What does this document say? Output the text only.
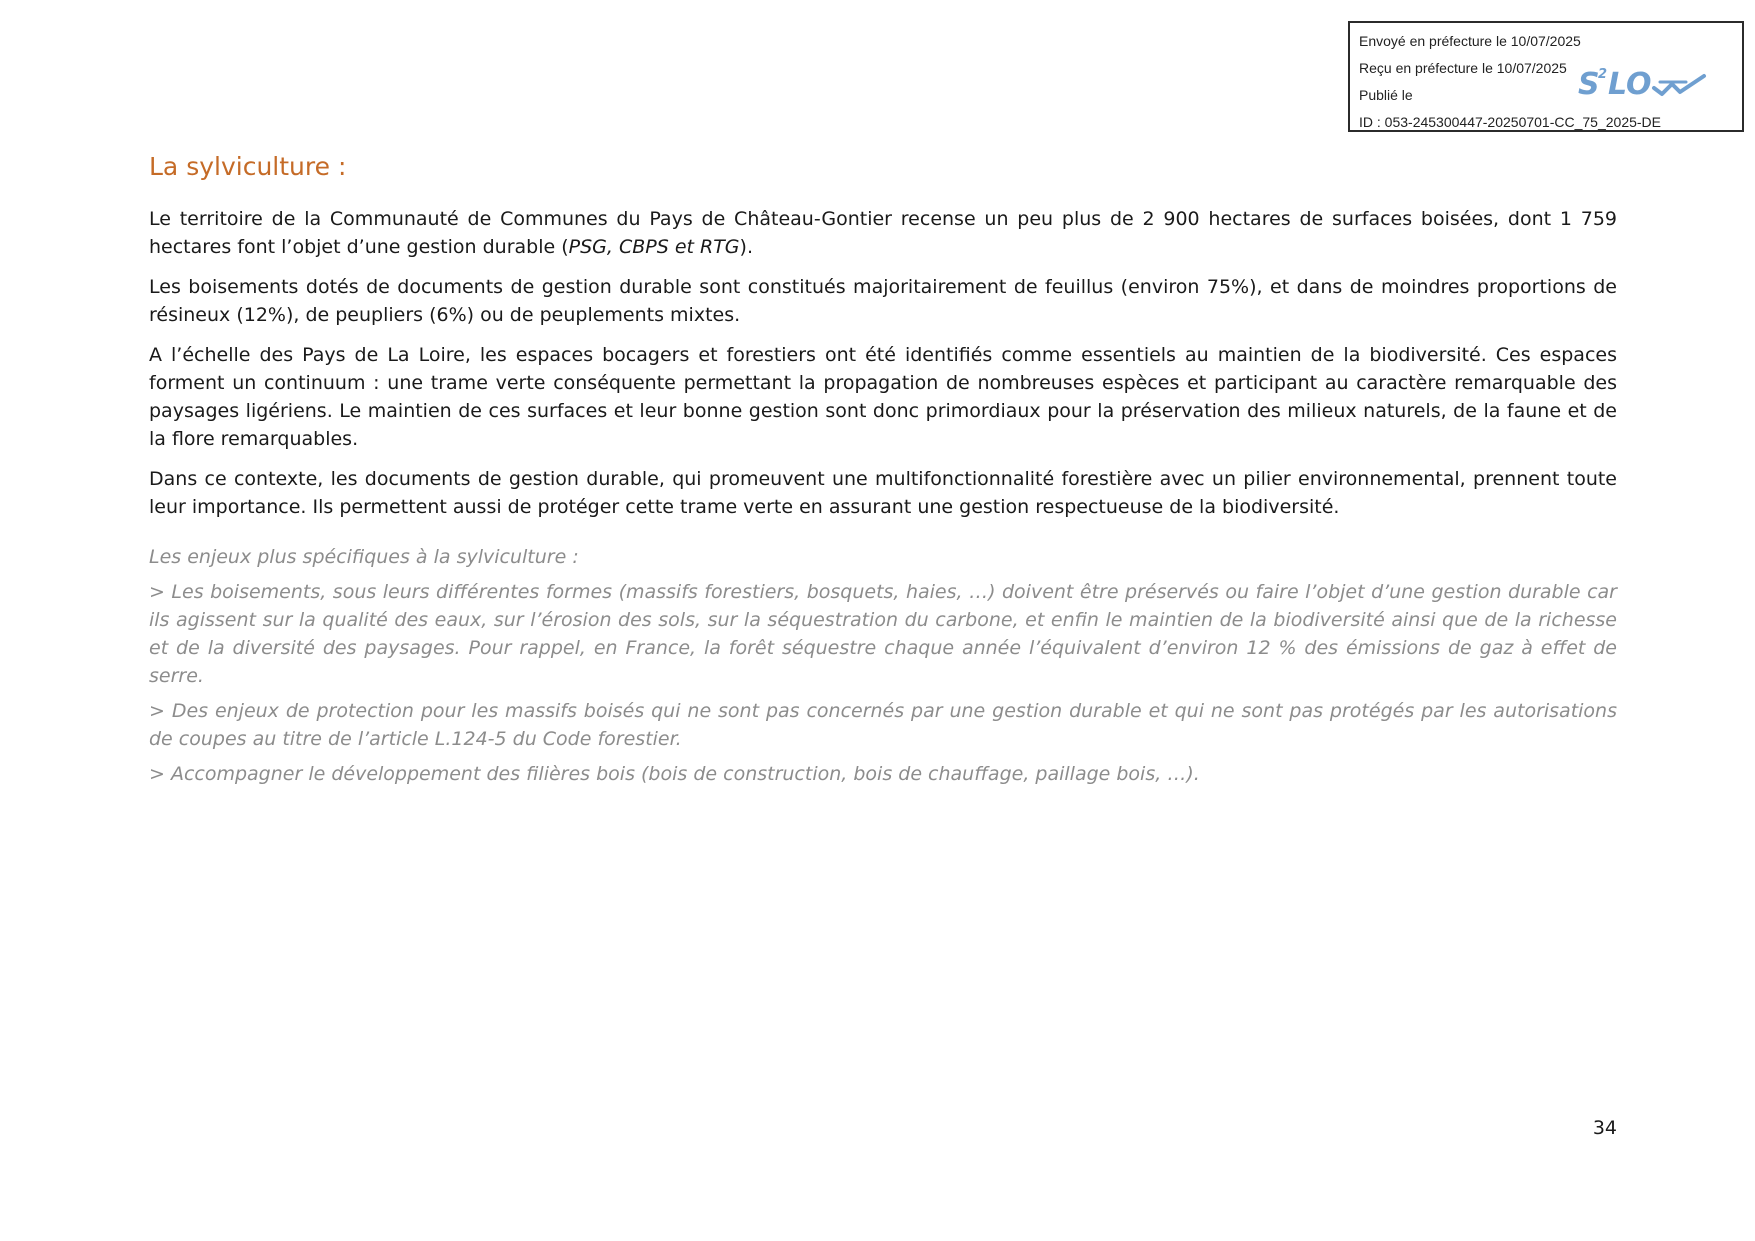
Envoyé en préfecture le 10/07/2025

Reçu en préfecture le 10/07/2025

Publié le

ID : 053-245300447-20250701-CC_75_2025-DE

S
2 LO
La sylviculture :

Le territoire de la Communauté de Communes du Pays de Château-Gontier recense un peu plus de 2 900 hectares de surfaces boisées, dont 1 759 hectares font l’objet d’une gestion durable (PSG, CBPS et RTG).

Les boisements dotés de documents de gestion durable sont constitués majoritairement de feuillus (environ 75%), et dans de moindres proportions de résineux (12%), de peupliers (6%) ou de peuplements mixtes.

A l’échelle des Pays de La Loire, les espaces bocagers et forestiers ont été identifiés comme essentiels au maintien de la biodiversité. Ces espaces forment un continuum : une trame verte conséquente permettant la propagation de nombreuses espèces et participant au caractère remarquable des paysages ligériens. Le maintien de ces surfaces et leur bonne gestion sont donc primordiaux pour la préservation des milieux naturels, de la faune et de la flore remarquables.

Dans ce contexte, les documents de gestion durable, qui promeuvent une multifonctionnalité forestière avec un pilier environnemental, prennent toute leur importance. Ils permettent aussi de protéger cette trame verte en assurant une gestion respectueuse de la biodiversité.

Les enjeux plus spécifiques à la sylviculture :

> Les boisements, sous leurs différentes formes (massifs forestiers, bosquets, haies, …) doivent être préservés ou faire l’objet d’une gestion durable car ils agissent sur la qualité des eaux, sur l’érosion des sols, sur la séquestration du carbone, et enfin le maintien de la biodiversité ainsi que de la richesse et de la diversité des paysages. Pour rappel, en France, la forêt séquestre chaque année l’équivalent d’environ 12 % des émissions de gaz à effet de serre.

> Des enjeux de protection pour les massifs boisés qui ne sont pas concernés par une gestion durable et qui ne sont pas protégés par les autorisations de coupes au titre de l’article L.124-5 du Code forestier.

> Accompagner le développement des filières bois (bois de construction, bois de chauffage, paillage bois, …).

34
